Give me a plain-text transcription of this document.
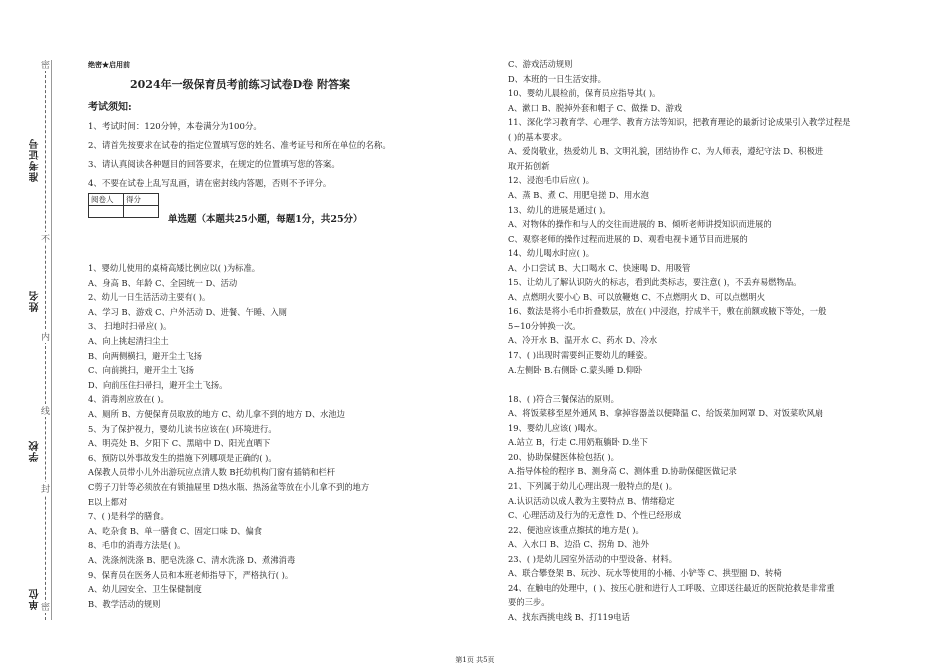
准考证号
姓名
学校
单位
密
不
内
线
封
密
绝密★启用前
2024年一级保育员考前练习试卷D卷 附答案
考试须知:
1、考试时间：120分钟，本卷满分为100分。
2、请首先按要求在试卷的指定位置填写您的姓名、准考证号和所在单位的名称。
3、请认真阅读各种题目的回答要求，在规定的位置填写您的答案。
4、不要在试卷上乱写乱画，请在密封线内答题，否则不予评分。
阅卷人	得分

单选题（本题共25小题，每题1分，共25分）
1、婴幼儿使用的桌椅高矮比例应以( )为标准。
A、身高 B、年龄 C、全园统一 D、活动
2、幼儿一日生活活动主要有( )。
A、学习 B、游戏 C、户外活动 D、进餐、午睡、入厕
3、 扫地时扫帚应( )。
A、向上挑起清扫尘土
B、向两侧横扫，避开尘土飞扬
C、向前挑扫，避开尘土飞扬
D、向前压住扫帚扫，避开尘土飞扬。
4、消毒剂应放在( )。
A、厕所 B、方便保育员取放的地方 C、幼儿拿不到的地方 D、水池边
5、为了保护视力，婴幼儿读书应该在( )环境进行。
A、明亮处 B、夕阳下 C、黑暗中 D、阳光直晒下
6、预防以外事故发生的措施下列哪项是正确的( )。
A保教人员带小儿外出游玩应点清人数 B托幼机构门窗有插销和栏杆
C剪子刀针等必须放在有锁抽屉里 D热水瓶、热汤盆等放在小儿拿不到的地方
E以上都对
7、( )是科学的膳食。
A、吃杂食 B、单一膳食 C、固定口味 D、偏食
8、毛巾的消毒方法是( )。
A、洗涤剂洗涤 B、肥皂洗涤 C、清水洗涤 D、煮沸消毒
9、保育员在医务人员和本班老师指导下，严格执行( )。
A、幼儿园安全、卫生保健制度
B、教学活动的规则
C、游戏活动规则
D、本班的一日生活安排。
10、婴幼儿晨检前，保育员应指导其( )。
A、漱口 B、脱掉外套和帽子 C、做操 D、游戏
11、深化学习教育学、心理学、教育方法等知识，把教育理论的最新讨论成果引入教学过程是
( )的基本要求。
A、爱岗敬业，热爱幼儿 B、文明礼貌，团结协作 C、为人师表，遵纪守法 D、积极进
取开拓创新
12、浸泡毛巾后应( )。
A、蒸 B、煮 C、用肥皂搓 D、用水泡
13、幼儿的进展是通过( )。
A、对物体的操作和与人的交往而进展的 B、倾听老师讲授知识而进展的
C、观察老师的操作过程而进展的 D、观看电视卡通节目而进展的
14、幼儿喝水时应( )。
A、小口尝试 B、大口喝水 C、快速喝 D、用吸管
15、让幼儿了解认识防火的标志，看到此类标志，要注意( )，不丢弃易燃物品。
A、点燃明火要小心 B、可以放鞭炮 C、不点燃明火 D、可以点燃明火
16、数法是将小毛巾折叠数层，放在( )中浸泡，拧成半干，敷在前额或腋下等处，一般
5~10分钟换一次。
A、冷开水 B、温开水 C、药水 D、冷水
17、( )出现时需要纠正婴幼儿的睡姿。
A.左侧卧 B.右侧卧 C.蒙头睡 D.仰卧
18、( )符合三餐保洁的原则。
A、将饭菜移至屋外通风 B、拿掉容器盖以便降温 C、给饭菜加网罩 D、对饭菜吹风扇
19、婴幼儿应该( )喝水。
A.站立 B，行走 C.用奶瓶躺卧 D.坐下
20、协助保健医体检包括( )。
A.指导体检的程序 B、测身高 C、测体重 D.协助保健医做记录
21、下列属于幼儿心理出现一般特点的是( )。
A.认识活动以成人教为主要特点 B、情绪稳定
C、心理活动及行为的无意性 D、个性已经形成
22、便池应该重点擦拭的地方是( )。
A、入水口 B、边沿 C、拐角 D、池外
23、( )是幼儿园室外活动的中型设备、材料。
A、联合攀登架 B、玩沙、玩水等使用的小桶、小铲等 C、拱型圈 D、转椅
24、在触电的处理中，( )、按压心脏和进行人工呼吸、立即送往最近的医院抢救是非常重
要的三步。
A、找东西挑电线 B、打119电话
第1页 共5页
